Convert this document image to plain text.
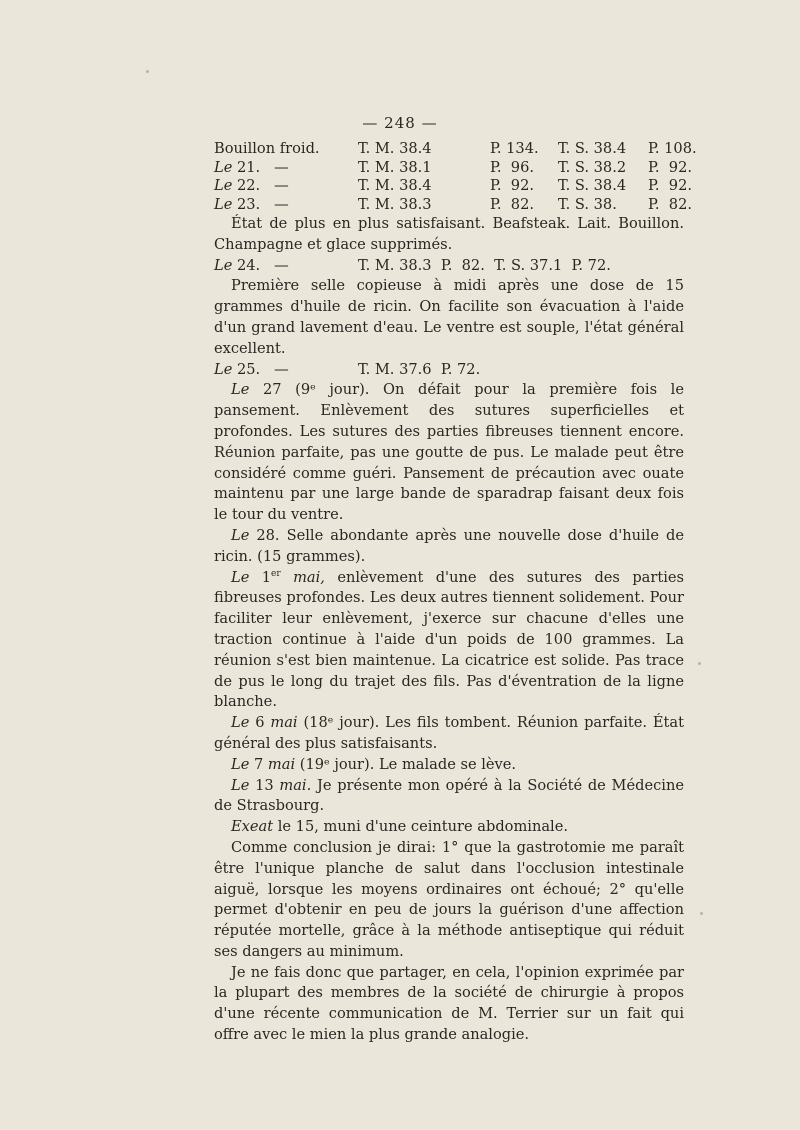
— 248 —
Bouillon froid.	T. M. 38.4	P. 134.	T. S. 38.4	P. 108.
Le 21.   —	T. M. 38.1	P.  96.	T. S. 38.2	P.  92.
Le 22.   —	T. M. 38.4	P.  92.	T. S. 38.4	P.  92.
Le 23.   —	T. M. 38.3	P.  82.	T. S. 38.	P.  82.

État de plus en plus satisfaisant. Beafsteak. Lait. Bouillon. Champagne et glace supprimés.

Le 24.   —	T. M. 38.3  P.  82.  T. S. 37.1  P. 72.

Première selle copieuse à midi après une dose de 15 grammes d'huile de ricin. On facilite son évacuation à l'aide d'un grand lavement d'eau. Le ventre est souple, l'état général excellent.

Le 25.   —	T. M. 37.6  P. 72.

Le 27 (9ᵉ jour). On défait pour la première fois le pansement. Enlèvement des sutures superficielles et profondes. Les sutures des parties fibreuses tiennent encore. Réunion parfaite, pas une goutte de pus. Le malade peut être considéré comme guéri. Pansement de précaution avec ouate maintenu par une large bande de sparadrap faisant deux fois le tour du ventre.

Le 28. Selle abondante après une nouvelle dose d'huile de ricin. (15 grammes).

Le 1er mai, enlèvement d'une des sutures des parties fibreuses profondes. Les deux autres tiennent solidement. Pour faciliter leur enlèvement, j'exerce sur chacune d'elles une traction continue à l'aide d'un poids de 100 grammes. La réunion s'est bien maintenue. La cicatrice est solide. Pas trace de pus le long du trajet des fils. Pas d'éventration de la ligne blanche.

Le 6 mai (18ᵉ jour). Les fils tombent. Réunion parfaite. État général des plus satisfaisants.

Le 7 mai (19ᵉ jour). Le malade se lève.

Le 13 mai. Je présente mon opéré à la Société de Médecine de Strasbourg.

Exeat le 15, muni d'une ceinture abdominale.

Comme conclusion je dirai: 1° que la gastrotomie me paraît être l'unique planche de salut dans l'occlusion intestinale aiguë, lorsque les moyens ordinaires ont échoué; 2° qu'elle permet d'obtenir en peu de jours la guérison d'une affection réputée mortelle, grâce à la méthode antiseptique qui réduit ses dangers au minimum.

Je ne fais donc que partager, en cela, l'opinion exprimée par la plupart des membres de la société de chirurgie à propos d'une récente communication de M. Terrier sur un fait qui offre avec le mien la plus grande analogie.
